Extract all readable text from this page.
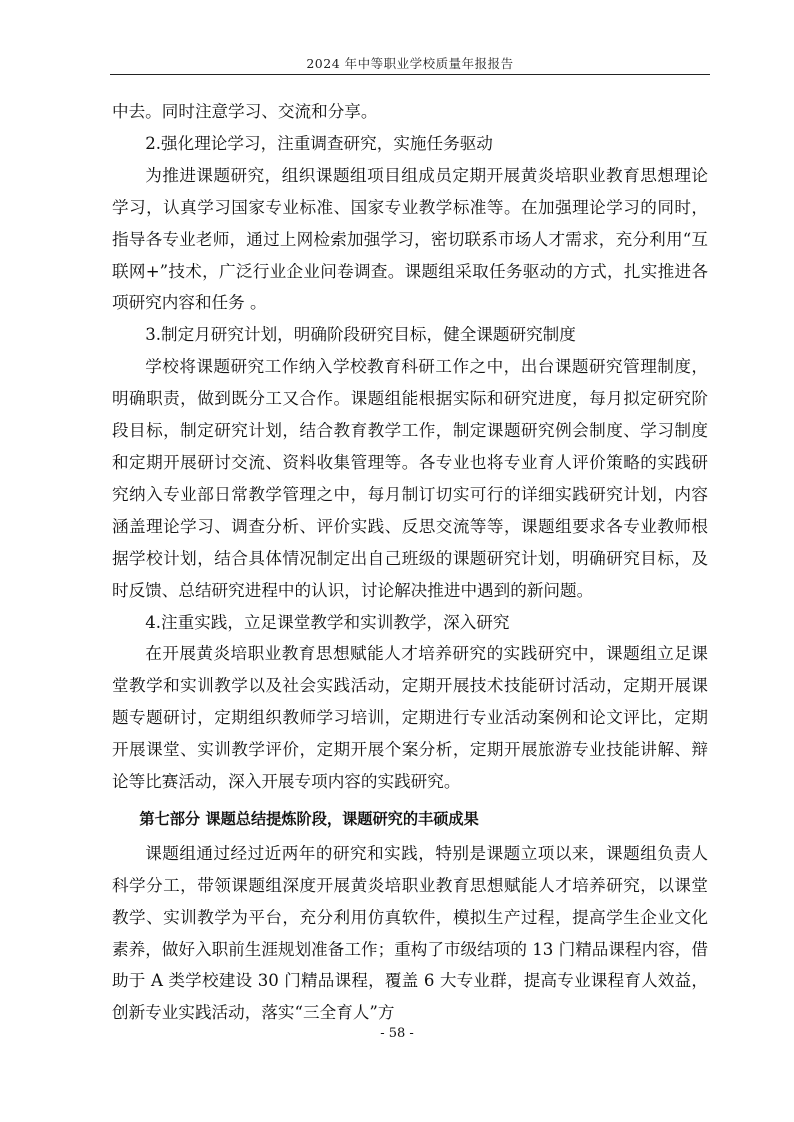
2024 年中等职业学校质量年报报告

中去。同时注意学习、交流和分享。

2.强化理论学习，注重调查研究，实施任务驱动

为推进课题研究，组织课题组项目组成员定期开展黄炎培职业教育思想理论学习，认真学习国家专业标准、国家专业教学标准等。在加强理论学习的同时，指导各专业老师，通过上网检索加强学习，密切联系市场人才需求，充分利用“互联网+”技术，广泛行业企业问卷调查。课题组采取任务驱动的方式，扎实推进各项研究内容和任务 。

3.制定月研究计划，明确阶段研究目标，健全课题研究制度

学校将课题研究工作纳入学校教育科研工作之中，出台课题研究管理制度，明确职责，做到既分工又合作。课题组能根据实际和研究进度，每月拟定研究阶段目标，制定研究计划，结合教育教学工作，制定课题研究例会制度、学习制度和定期开展研讨交流、资料收集管理等。各专业也将专业育人评价策略的实践研究纳入专业部日常教学管理之中，每月制订切实可行的详细实践研究计划，内容涵盖理论学习、调查分析、评价实践、反思交流等等，课题组要求各专业教师根据学校计划，结合具体情况制定出自己班级的课题研究计划，明确研究目标，及时反馈、总结研究进程中的认识，讨论解决推进中遇到的新问题。

4.注重实践，立足课堂教学和实训教学，深入研究

在开展黄炎培职业教育思想赋能人才培养研究的实践研究中，课题组立足课堂教学和实训教学以及社会实践活动，定期开展技术技能研讨活动，定期开展课题专题研讨，定期组织教师学习培训，定期进行专业活动案例和论文评比，定期开展课堂、实训教学评价，定期开展个案分析，定期开展旅游专业技能讲解、辩论等比赛活动，深入开展专项内容的实践研究。

第七部分 课题总结提炼阶段，课题研究的丰硕成果

课题组通过经过近两年的研究和实践，特别是课题立项以来，课题组负责人科学分工，带领课题组深度开展黄炎培职业教育思想赋能人才培养研究，以课堂教学、实训教学为平台，充分利用仿真软件，模拟生产过程，提高学生企业文化素养，做好入职前生涯规划准备工作；重构了市级结项的 13 门精品课程内容，借助于 A 类学校建设 30 门精品课程，覆盖 6 大专业群，提高专业课程育人效益，创新专业实践活动，落实“三全育人”方

- 58 -
